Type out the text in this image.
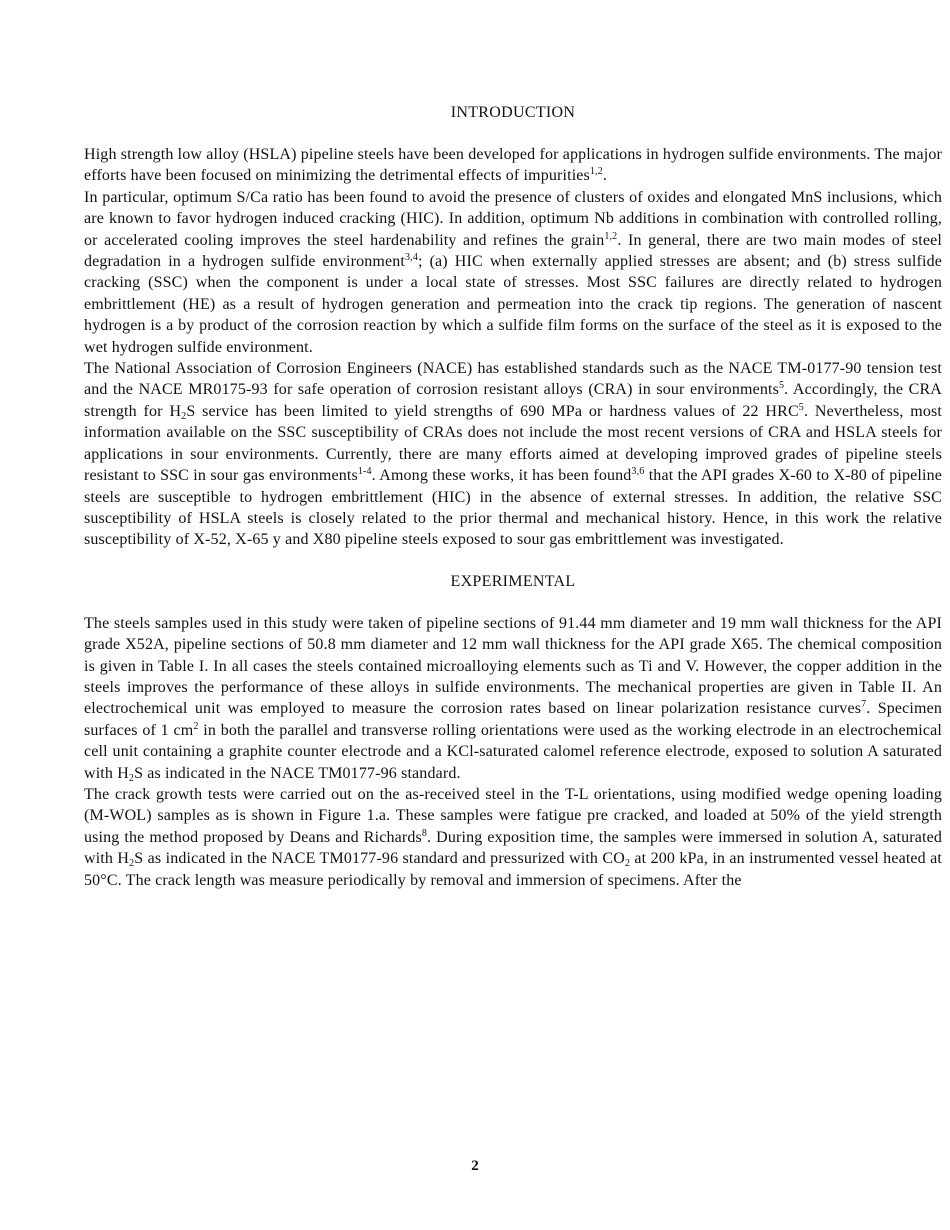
INTRODUCTION

High strength low alloy (HSLA) pipeline steels have been developed for applications in hydrogen sulfide environments. The major efforts have been focused on minimizing the detrimental effects of impurities$^{1,2}$.

In particular, optimum S/Ca ratio has been found to avoid the presence of clusters of oxides and elongated MnS inclusions, which are known to favor hydrogen induced cracking (HIC). In addition, optimum Nb additions in combination with controlled rolling, or accelerated cooling improves the steel hardenability and refines the grain$^{1,2}$. In general, there are two main modes of steel degradation in a hydrogen sulfide environment$^{3,4}$; (a) HIC when externally applied stresses are absent; and (b) stress sulfide cracking (SSC) when the component is under a local state of stresses. Most SSC failures are directly related to hydrogen embrittlement (HE) as a result of hydrogen generation and permeation into the crack tip regions. The generation of nascent hydrogen is a by product of the corrosion reaction by which a sulfide film forms on the surface of the steel as it is exposed to the wet hydrogen sulfide environment.

The National Association of Corrosion Engineers (NACE) has established standards such as the NACE TM-0177-90 tension test and the NACE MR0175-93 for safe operation of corrosion resistant alloys (CRA) in sour environments$^5$. Accordingly, the CRA strength for $H_2S$ service has been limited to yield strengths of 690 MPa or hardness values of 22 HRC$^5$. Nevertheless, most information available on the SSC susceptibility of CRAs does not include the most recent versions of CRA and HSLA steels for applications in sour environments. Currently, there are many efforts aimed at developing improved grades of pipeline steels resistant to SSC in sour gas environments$^{1-4}$. Among these works, it has been found$^{3,6}$ that the API grades X-60 to X-80 of pipeline steels are susceptible to hydrogen embrittlement (HIC) in the absence of external stresses. In addition, the relative SSC susceptibility of HSLA steels is closely related to the prior thermal and mechanical history. Hence, in this work the relative susceptibility of X-52, X-65 y and X80 pipeline steels exposed to sour gas embrittlement was investigated.

EXPERIMENTAL

The steels samples used in this study were taken of pipeline sections of 91.44 mm diameter and 19 mm wall thickness for the API grade X52A, pipeline sections of 50.8 mm diameter and 12 mm wall thickness for the API grade X65. The chemical composition is given in Table I. In all cases the steels contained microalloying elements such as Ti and V. However, the copper addition in the steels improves the performance of these alloys in sulfide environments. The mechanical properties are given in Table II. An electrochemical unit was employed to measure the corrosion rates based on linear polarization resistance curves$^7$. Specimen surfaces of 1 $cm^2$ in both the parallel and transverse rolling orientations were used as the working electrode in an electrochemical cell unit containing a graphite counter electrode and a KCl-saturated calomel reference electrode, exposed to solution A saturated with $H_2S$ as indicated in the NACE TM0177-96 standard.

The crack growth tests were carried out on the as-received steel in the T-L orientations, using modified wedge opening loading (M-WOL) samples as is shown in Figure 1.a. These samples were fatigue pre cracked, and loaded at 50% of the yield strength using the method proposed by Deans and Richards$^8$. During exposition time, the samples were immersed in solution A, saturated with $H_2S$ as indicated in the NACE TM0177-96 standard and pressurized with $CO_2$ at 200 kPa, in an instrumented vessel heated at 50°C. The crack length was measure periodically by removal and immersion of specimens. After the

2
